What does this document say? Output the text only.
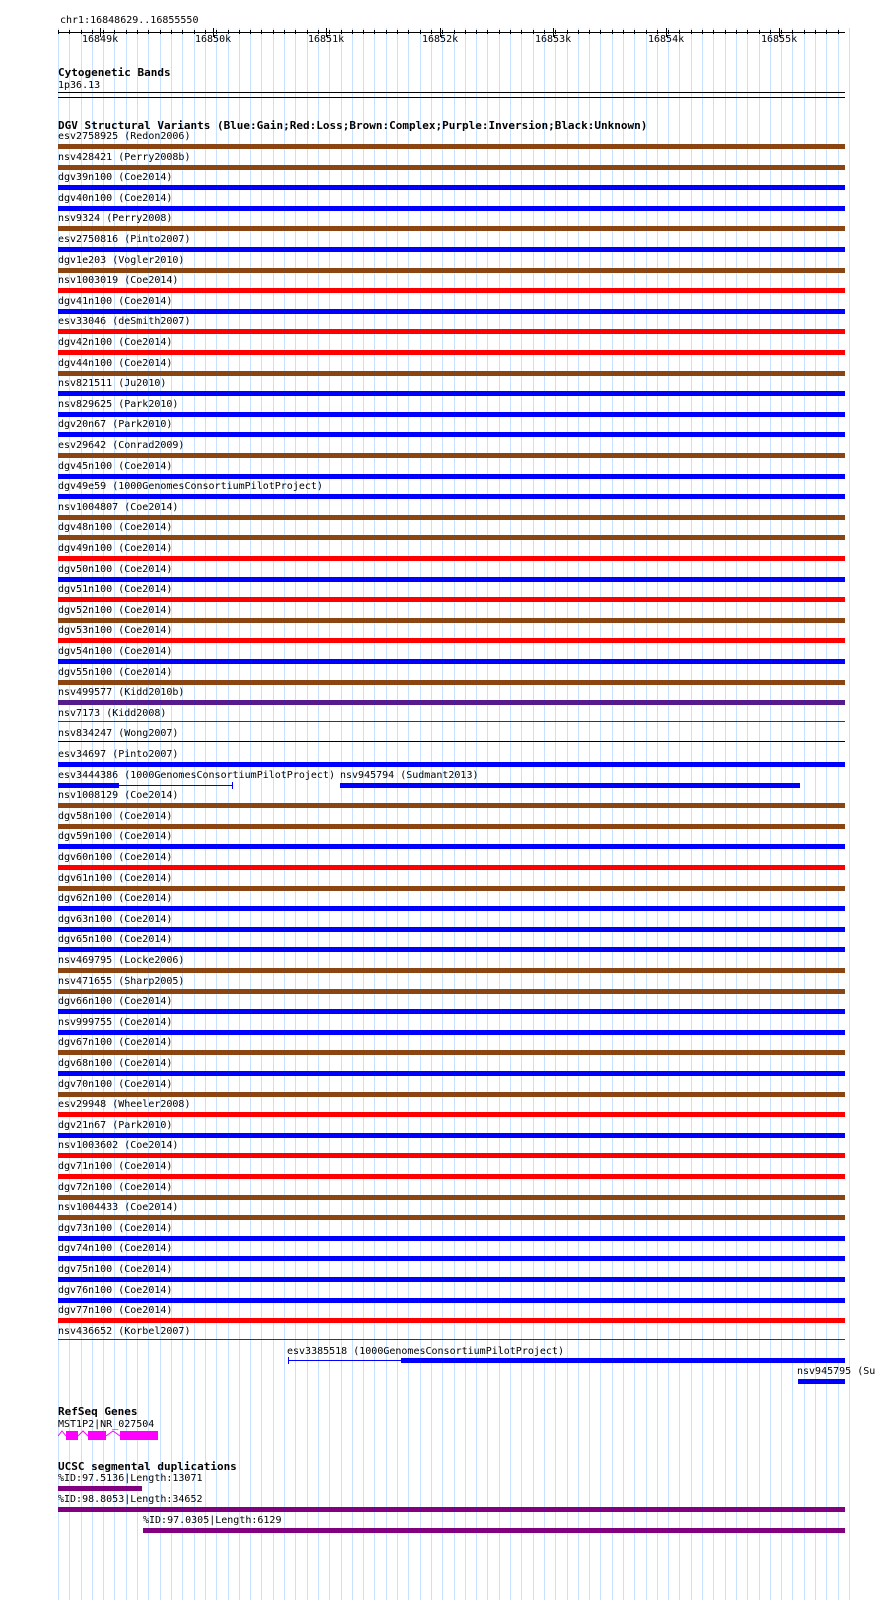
chr1:16848629..16855550
16849k	16850k	16851k	16852k	16853k	16854k	16855k
Cytogenetic Bands
1p36.13
DGV Structural Variants (Blue:Gain;Red:Loss;Brown:Complex;Purple:Inversion;Black:Unknown)
esv2758925 (Redon2006)
nsv428421 (Perry2008b)
dgv39n100 (Coe2014)
dgv40n100 (Coe2014)
nsv9324 (Perry2008)
esv2750816 (Pinto2007)
dgv1e203 (Vogler2010)
nsv1003019 (Coe2014)
dgv41n100 (Coe2014)
esv33046 (deSmith2007)
dgv42n100 (Coe2014)
dgv44n100 (Coe2014)
nsv821511 (Ju2010)
nsv829625 (Park2010)
dgv20n67 (Park2010)
esv29642 (Conrad2009)
dgv45n100 (Coe2014)
dgv49e59 (1000GenomesConsortiumPilotProject)
nsv1004807 (Coe2014)
dgv48n100 (Coe2014)
dgv49n100 (Coe2014)
dgv50n100 (Coe2014)
dgv51n100 (Coe2014)
dgv52n100 (Coe2014)
dgv53n100 (Coe2014)
dgv54n100 (Coe2014)
dgv55n100 (Coe2014)
nsv499577 (Kidd2010b)
nsv7173 (Kidd2008)
nsv834247 (Wong2007)
esv34697 (Pinto2007)
esv3444386 (1000GenomesConsortiumPilotProject) nsv945794 (Sudmant2013)
nsv1008129 (Coe2014)
dgv58n100 (Coe2014)
dgv59n100 (Coe2014)
dgv60n100 (Coe2014)
dgv61n100 (Coe2014)
dgv62n100 (Coe2014)
dgv63n100 (Coe2014)
dgv65n100 (Coe2014)
nsv469795 (Locke2006)
nsv471655 (Sharp2005)
dgv66n100 (Coe2014)
nsv999755 (Coe2014)
dgv67n100 (Coe2014)
dgv68n100 (Coe2014)
dgv70n100 (Coe2014)
esv29948 (Wheeler2008)
dgv21n67 (Park2010)
nsv1003602 (Coe2014)
dgv71n100 (Coe2014)
dgv72n100 (Coe2014)
nsv1004433 (Coe2014)
dgv73n100 (Coe2014)
dgv74n100 (Coe2014)
dgv75n100 (Coe2014)
dgv76n100 (Coe2014)
dgv77n100 (Coe2014)
nsv436652 (Korbel2007)
esv3385518 (1000GenomesConsortiumPilotProject)
nsv945795 (Su
RefSeq Genes
MST1P2|NR_027504
UCSC segmental duplications
%ID:97.5136|Length:13071
%ID:98.8053|Length:34652
%ID:97.0305|Length:6129
